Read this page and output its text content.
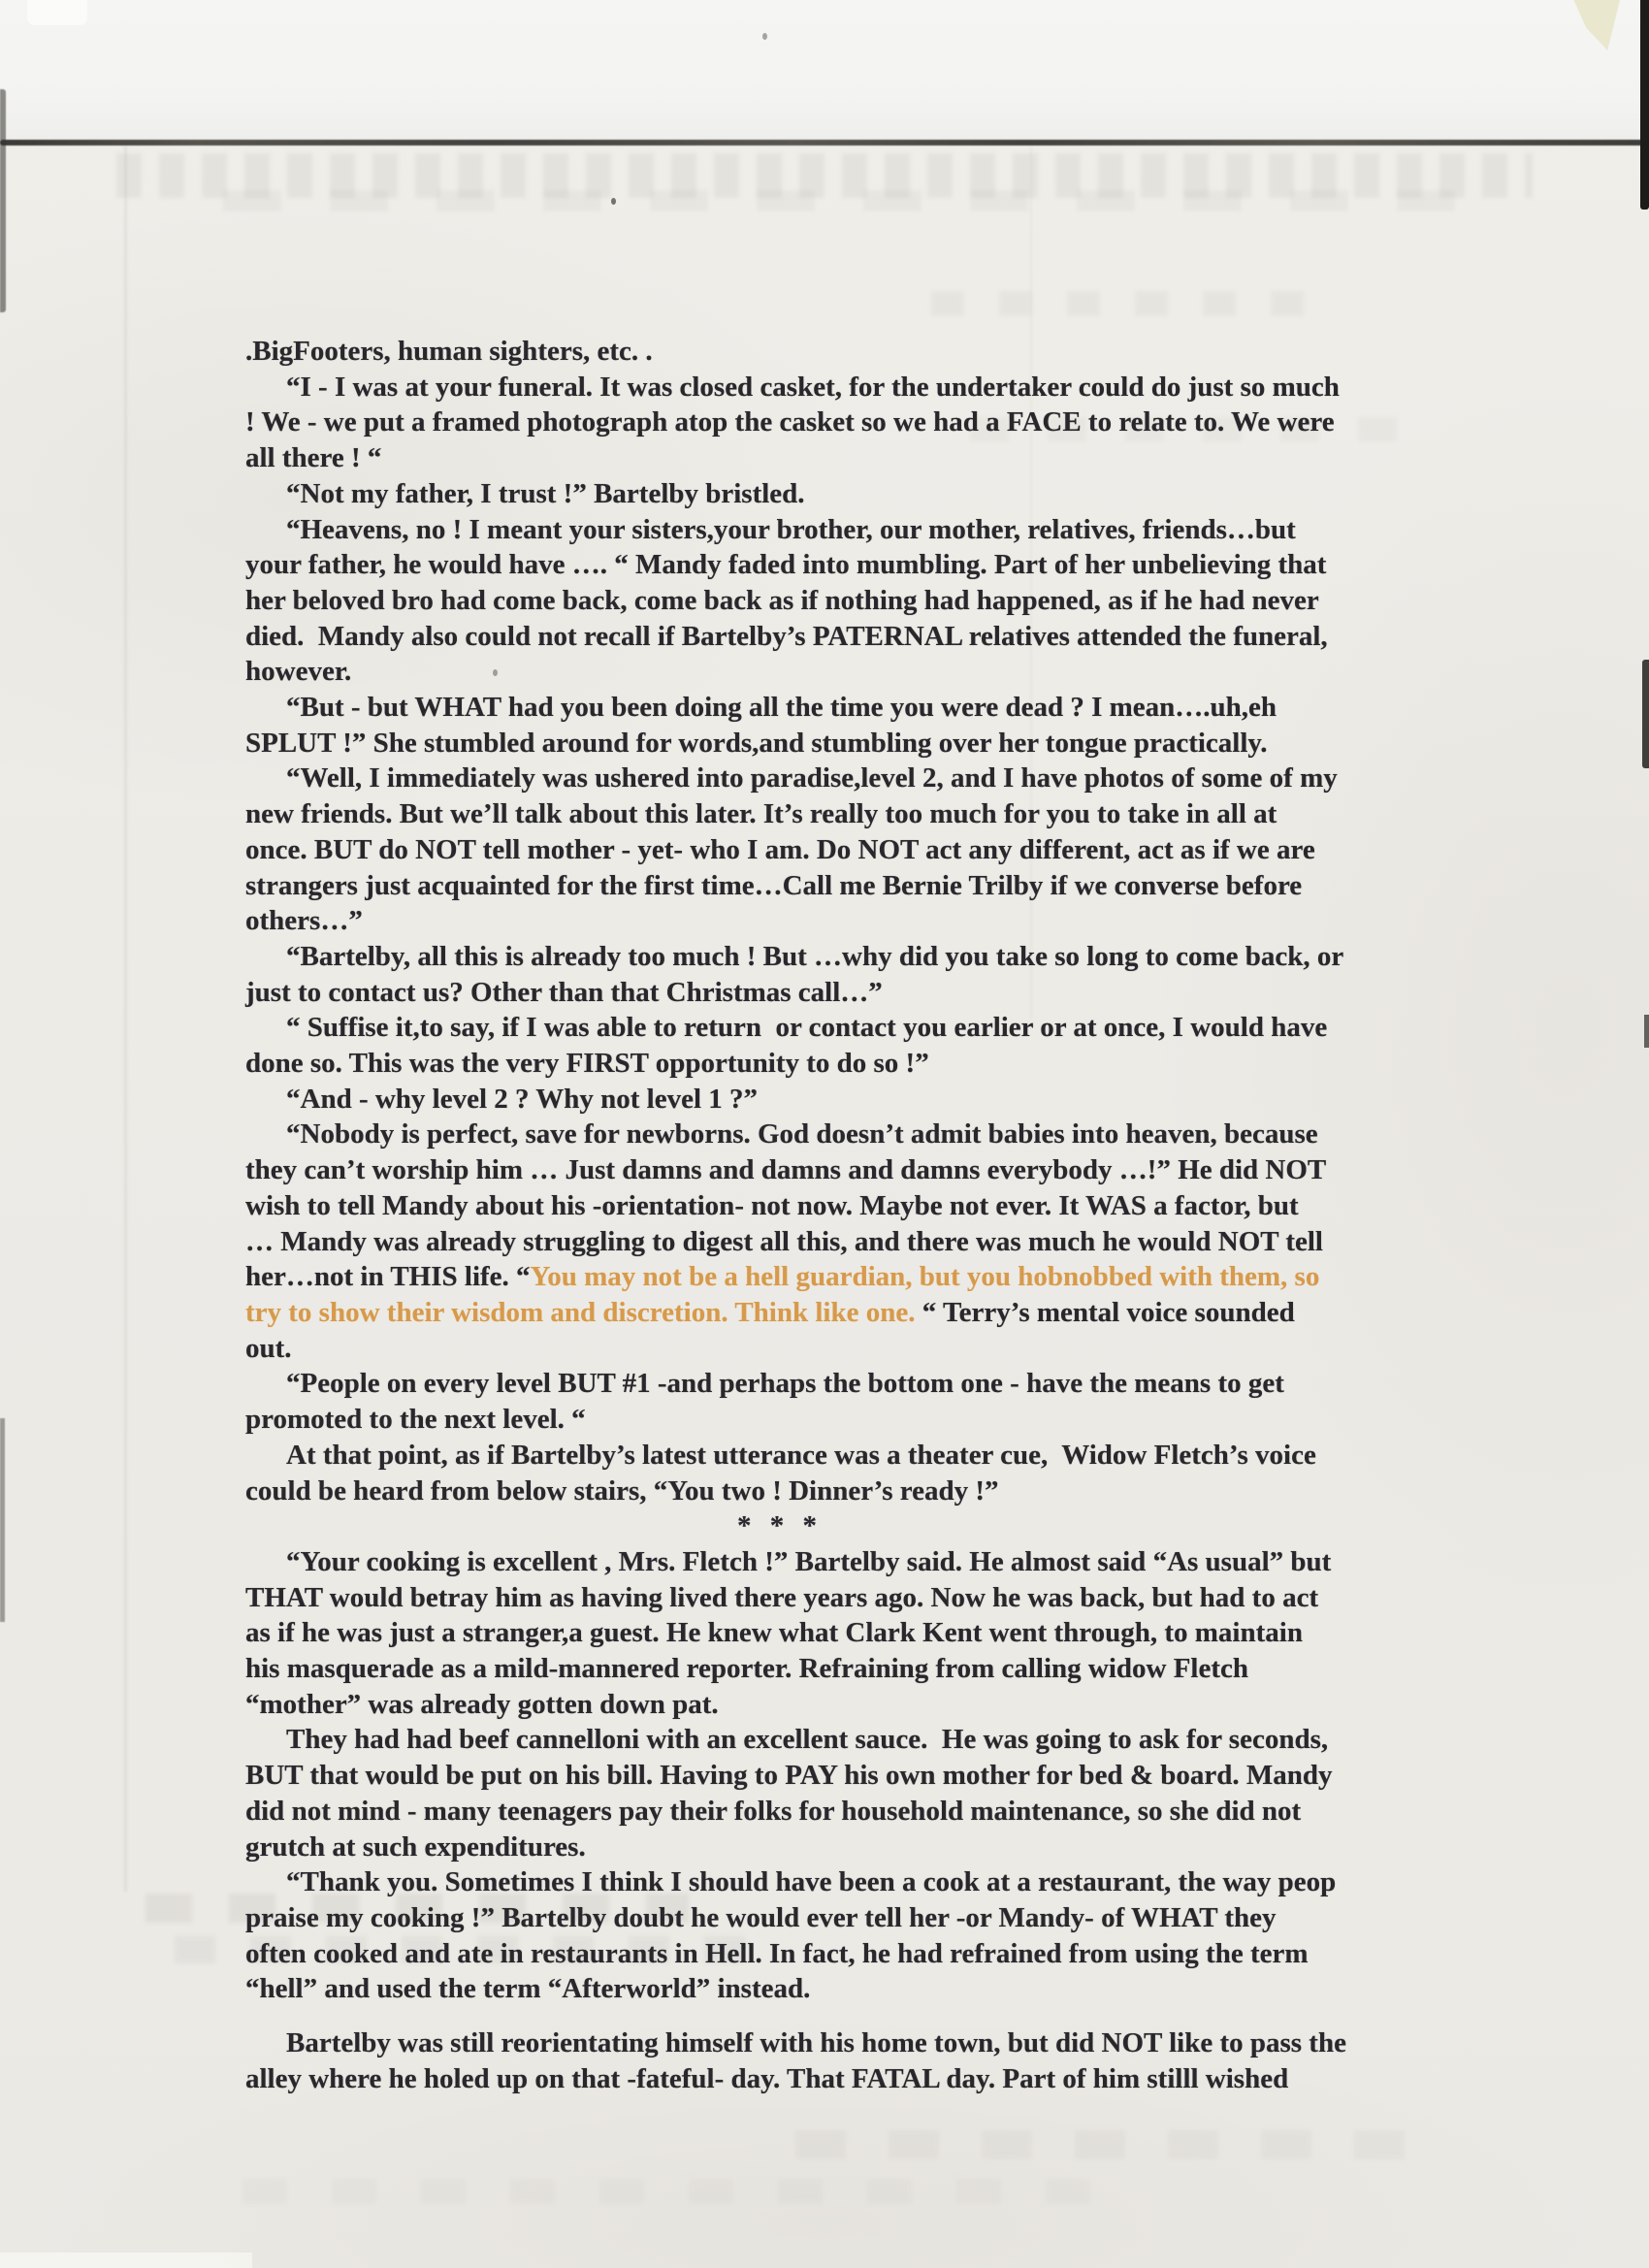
.BigFooters, human sighters, etc. .
“I - I was at your funeral. It was closed casket, for the undertaker could do just so much
! We - we put a framed photograph atop the casket so we had a FACE to relate to. We were
all there ! “
“Not my father, I trust !” Bartelby bristled.
“Heavens, no ! I meant your sisters,your brother, our mother, relatives, friends…but
your father, he would have …. “ Mandy faded into mumbling. Part of her unbelieving that
her beloved bro had come back, come back as if nothing had happened, as if he had never
died.  Mandy also could not recall if Bartelby’s PATERNAL relatives attended the funeral,
however.
“But - but WHAT had you been doing all the time you were dead ? I mean….uh,eh
SPLUT !” She stumbled around for words,and stumbling over her tongue practically.
“Well, I immediately was ushered into paradise,level 2, and I have photos of some of my
new friends. But we’ll talk about this later. It’s really too much for you to take in all at
once. BUT do NOT tell mother - yet- who I am. Do NOT act any different, act as if we are
strangers just acquainted for the first time…Call me Bernie Trilby if we converse before
others…”
“Bartelby, all this is already too much ! But …why did you take so long to come back, or
just to contact us? Other than that Christmas call…”
“ Suffise it,to say, if I was able to return  or contact you earlier or at once, I would have
done so. This was the very FIRST opportunity to do so !”
“And - why level 2 ? Why not level 1 ?”
“Nobody is perfect, save for newborns. God doesn’t admit babies into heaven, because
they can’t worship him … Just damns and damns and damns everybody …!” He did NOT
wish to tell Mandy about his -orientation- not now. Maybe not ever. It WAS a factor, but
… Mandy was already struggling to digest all this, and there was much he would NOT tell
her…not in THIS life. “You may not be a hell guardian, but you hobnobbed with them, so
try to show their wisdom and discretion. Think like one. “ Terry’s mental voice sounded
out.
“People on every level BUT #1 -and perhaps the bottom one - have the means to get
promoted to the next level. “
At that point, as if Bartelby’s latest utterance was a theater cue,  Widow Fletch’s voice
could be heard from below stairs, “You two ! Dinner’s ready !”
* * *
“Your cooking is excellent , Mrs. Fletch !” Bartelby said. He almost said “As usual” but
THAT would betray him as having lived there years ago. Now he was back, but had to act
as if he was just a stranger,a guest. He knew what Clark Kent went through, to maintain
his masquerade as a mild-mannered reporter. Refraining from calling widow Fletch
“mother” was already gotten down pat.
They had had beef cannelloni with an excellent sauce.  He was going to ask for seconds,
BUT that would be put on his bill. Having to PAY his own mother for bed & board. Mandy
did not mind - many teenagers pay their folks for household maintenance, so she did not
grutch at such expenditures.
“Thank you. Sometimes I think I should have been a cook at a restaurant, the way peop
praise my cooking !” Bartelby doubt he would ever tell her -or Mandy- of WHAT they
often cooked and ate in restaurants in Hell. In fact, he had refrained from using the term
“hell” and used the term “Afterworld” instead.
Bartelby was still reorientating himself with his home town, but did NOT like to pass the
alley where he holed up on that -fateful- day. That FATAL day. Part of him stilll wished
